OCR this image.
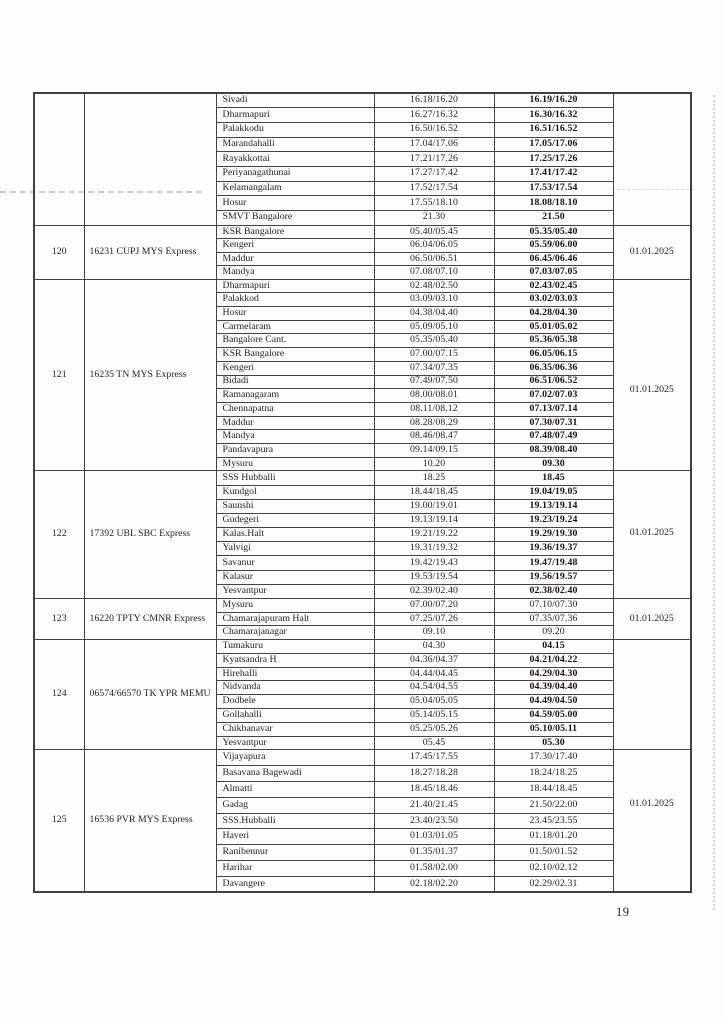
		Sivadi	16.18/16.20	16.19/16.20	
		Dharmapuri	16.27/16.32	16.30/16.32	
		Palakkodu	16.50/16.52	16.51/16.52	
		Marandahalli	17.04/17.06	17.05/17.06	
		Rayakkottai	17.21/17.26	17.25/17.26	
		Periyanagathunai	17.27/17.42	17.41/17.42	
		Kelamangalam	17.52/17.54	17.53/17.54	
		Hosur	17.55/18.10	18.08/18.10	
		SMVT Bangalore	21.30	21.50	
120	16231 CUPJ MYS Express	KSR Bangalore	05.40/05.45	05.35/05.40	01.01.2025
		Kengeri	06.04/06.05	05.59/06.00	
		Maddur	06.50/06.51	06.45/06.46	
		Mandya	07.08/07.10	07.03/07.05	
121	16235 TN MYS Express	Dharmapuri	02.48/02.50	02.43/02.45	01.01.2025
		Palakkod	03.09/03.10	03.02/03.03	
		Hosur	04.38/04.40	04.28/04.30	
		Carmelaram	05.09/05.10	05.01/05.02	
		Bangalore Cant.	05.35/05.40	05.36/05.38	
		KSR Bangalore	07.00/07.15	06.05/06.15	
		Kengeri	07.34/07.35	06.35/06.36	
		Bidadi	07.49/07.50	06.51/06.52	
		Ramanagaram	08.00/08.01	07.02/07.03	
		Chennapatna	08.11/08.12	07.13/07.14	
		Maddur	08.28/08.29	07.30/07.31	
		Mandya	08.46/08.47	07.48/07.49	
		Pandavapura	09.14/09.15	08.39/08.40	
		Mysuru	10.20	09.30	
122	17392 UBL SBC Express	SSS Hubballi	18.25	18.45	01.01.2025
		Kundgol	18.44/18.45	19.04/19.05	
		Saunshi	19.00/19.01	19.13/19.14	
		Gudegeri	19.13/19.14	19.23/19.24	
		Kalas.Halt	19.21/19.22	19.29/19.30	
		Yalvigi	19.31/19.32	19.36/19.37	
		Savanur	19.42/19.43	19.47/19.48	
		Kalasur	19.53/19.54	19.56/19.57	
		Yesvantpur	02.39/02.40	02.38/02.40	
123	16220 TPTY CMNR Express	Mysuru	07.00/07.20	07.10/07.30	01.01.2025
		Chamarajapuram Halt	07.25/07.26	07.35/07.36	
		Chamarajanagar	09.10	09.20	
124	06574/66570 TK YPR MEMU	Tumakuru	04.30	04.15	
		Kyatsandra H	04.36/04.37	04.21/04.22	
		Hirehalli	04.44/04.45	04.29/04.30	
		Nidvanda	04.54/04.55	04.39/04.40	
		Dodbele	05.04/05.05	04.49/04.50	
		Gollahalli	05.14/05.15	04.59/05.00	
		Chikbanavar	05.25/05.26	05.10/05.11	
		Yesvantpur	05.45	05.30	
125	16536 PVR MYS Express	Vijayapura	17.45/17.55	17.30/17.40	01.01.2025
		Basavana Bagewadi	18.27/18.28	18.24/18.25	
		Almatti	18.45/18.46	18.44/18.45	
		Gadag	21.40/21.45	21.50/22.00	
		SSS.Hubballi	23.40/23.50	23.45/23.55	
		Haveri	01.03/01.05	01.18/01.20	
		Ranibennur	01.35/01.37	01.50/01.52	
		Harihar	01.58/02.00	02.10/02.12	
		Davangere	02.18/02.20	02.29/02.31	
19
